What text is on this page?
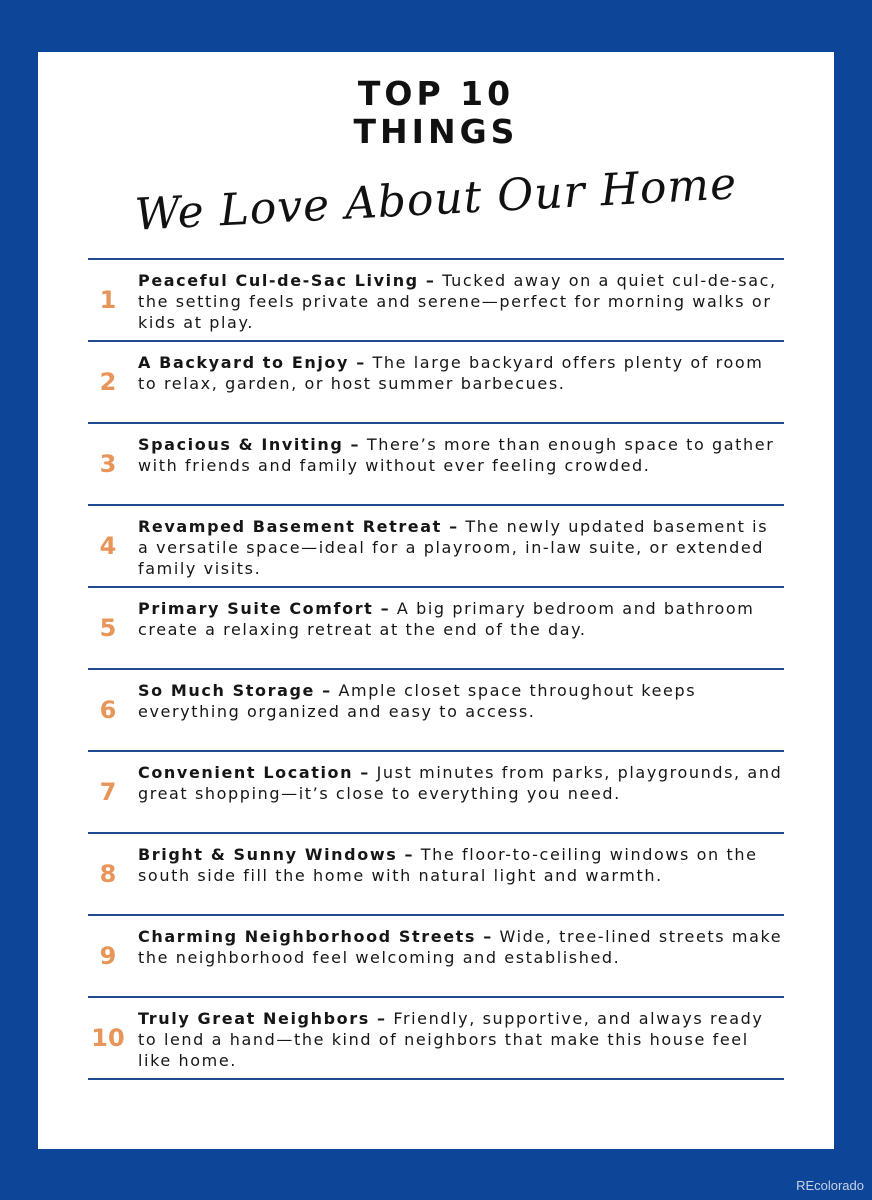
TOP 10
THINGS
We Love About Our Home
1
Peaceful Cul-de-Sac Living – Tucked away on a quiet cul-de-sac, the setting feels private and serene—perfect for morning walks or kids at play.
2
A Backyard to Enjoy – The large backyard offers plenty of room to relax, garden, or host summer barbecues.
3
Spacious & Inviting – There’s more than enough space to gather with friends and family without ever feeling crowded.
4
Revamped Basement Retreat – The newly updated basement is a versatile space—ideal for a playroom, in-law suite, or extended family visits.
5
Primary Suite Comfort – A big primary bedroom and bathroom create a relaxing retreat at the end of the day.
6
So Much Storage – Ample closet space throughout keeps everything organized and easy to access.
7
Convenient Location – Just minutes from parks, playgrounds, and great shopping—it’s close to everything you need.
8
Bright & Sunny Windows – The floor-to-ceiling windows on the south side fill the home with natural light and warmth.
9
Charming Neighborhood Streets – Wide, tree-lined streets make the neighborhood feel welcoming and established.
10
Truly Great Neighbors – Friendly, supportive, and always ready to lend a hand—the kind of neighbors that make this house feel like home.
REcolorado
